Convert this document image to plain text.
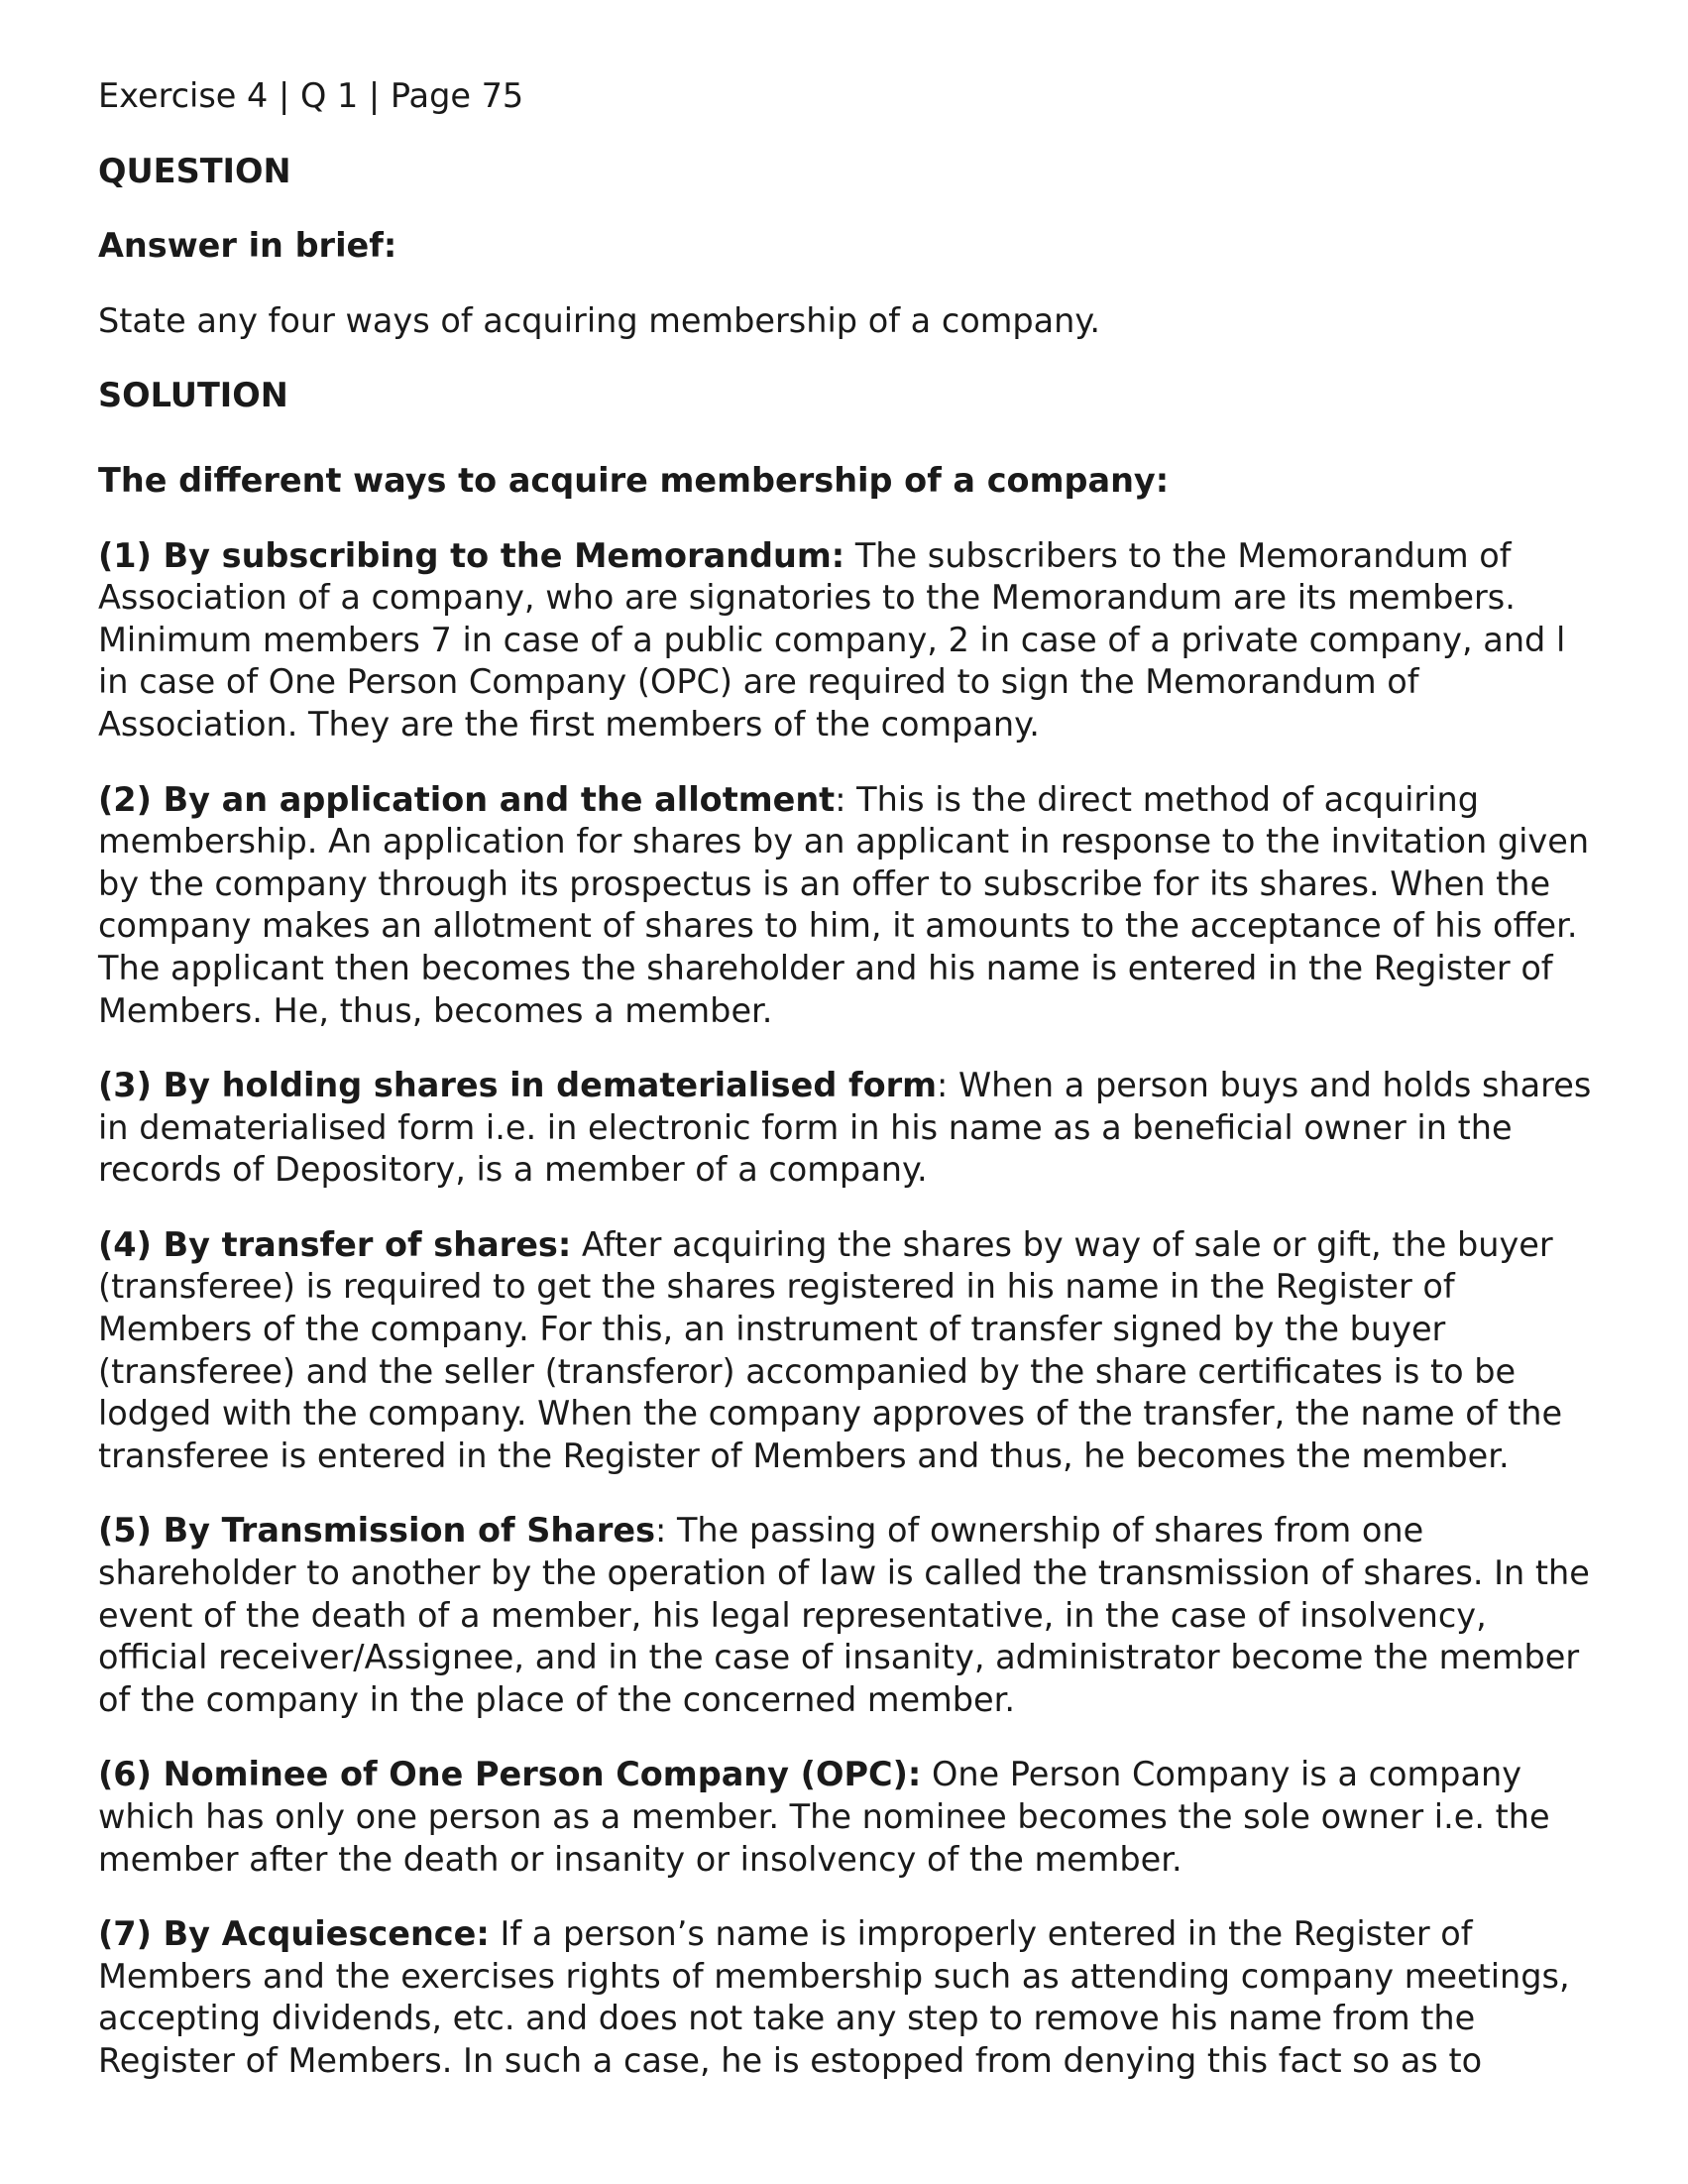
Exercise 4 | Q 1 | Page 75

QUESTION

Answer in brief:

State any four ways of acquiring membership of a company.

SOLUTION

The different ways to acquire membership of a company:

(1) By subscribing to the Memorandum: The subscribers to the Memorandum of Association of a company, who are signatories to the Memorandum are its members. Minimum members 7 in case of a public company, 2 in case of a private company, and l in case of One Person Company (OPC) are required to sign the Memorandum of Association. They are the first members of the company.

(2) By an application and the allotment: This is the direct method of acquiring membership. An application for shares by an applicant in response to the invitation given by the company through its prospectus is an offer to subscribe for its shares. When the company makes an allotment of shares to him, it amounts to the acceptance of his offer. The applicant then becomes the shareholder and his name is entered in the Register of Members. He, thus, becomes a member.

(3) By holding shares in dematerialised form: When a person buys and holds shares in dematerialised form i.e. in electronic form in his name as a beneficial owner in the records of Depository, is a member of a company.

(4) By transfer of shares: After acquiring the shares by way of sale or gift, the buyer (transferee) is required to get the shares registered in his name in the Register of Members of the company. For this, an instrument of transfer signed by the buyer (transferee) and the seller (transferor) accompanied by the share certificates is to be lodged with the company. When the company approves of the transfer, the name of the transferee is entered in the Register of Members and thus, he becomes the member.

(5) By Transmission of Shares: The passing of ownership of shares from one shareholder to another by the operation of law is called the transmission of shares. In the event of the death of a member, his legal representative, in the case of insolvency, official receiver/Assignee, and in the case of insanity, administrator become the member of the company in the place of the concerned member.

(6) Nominee of One Person Company (OPC): One Person Company is a company which has only one person as a member. The nominee becomes the sole owner i.e. the member after the death or insanity or insolvency of the member.

(7) By Acquiescence: If a person’s name is improperly entered in the Register of Members and the exercises rights of membership such as attending company meetings, accepting dividends, etc. and does not take any step to remove his name from the Register of Members. In such a case, he is estopped from denying this fact so as to
